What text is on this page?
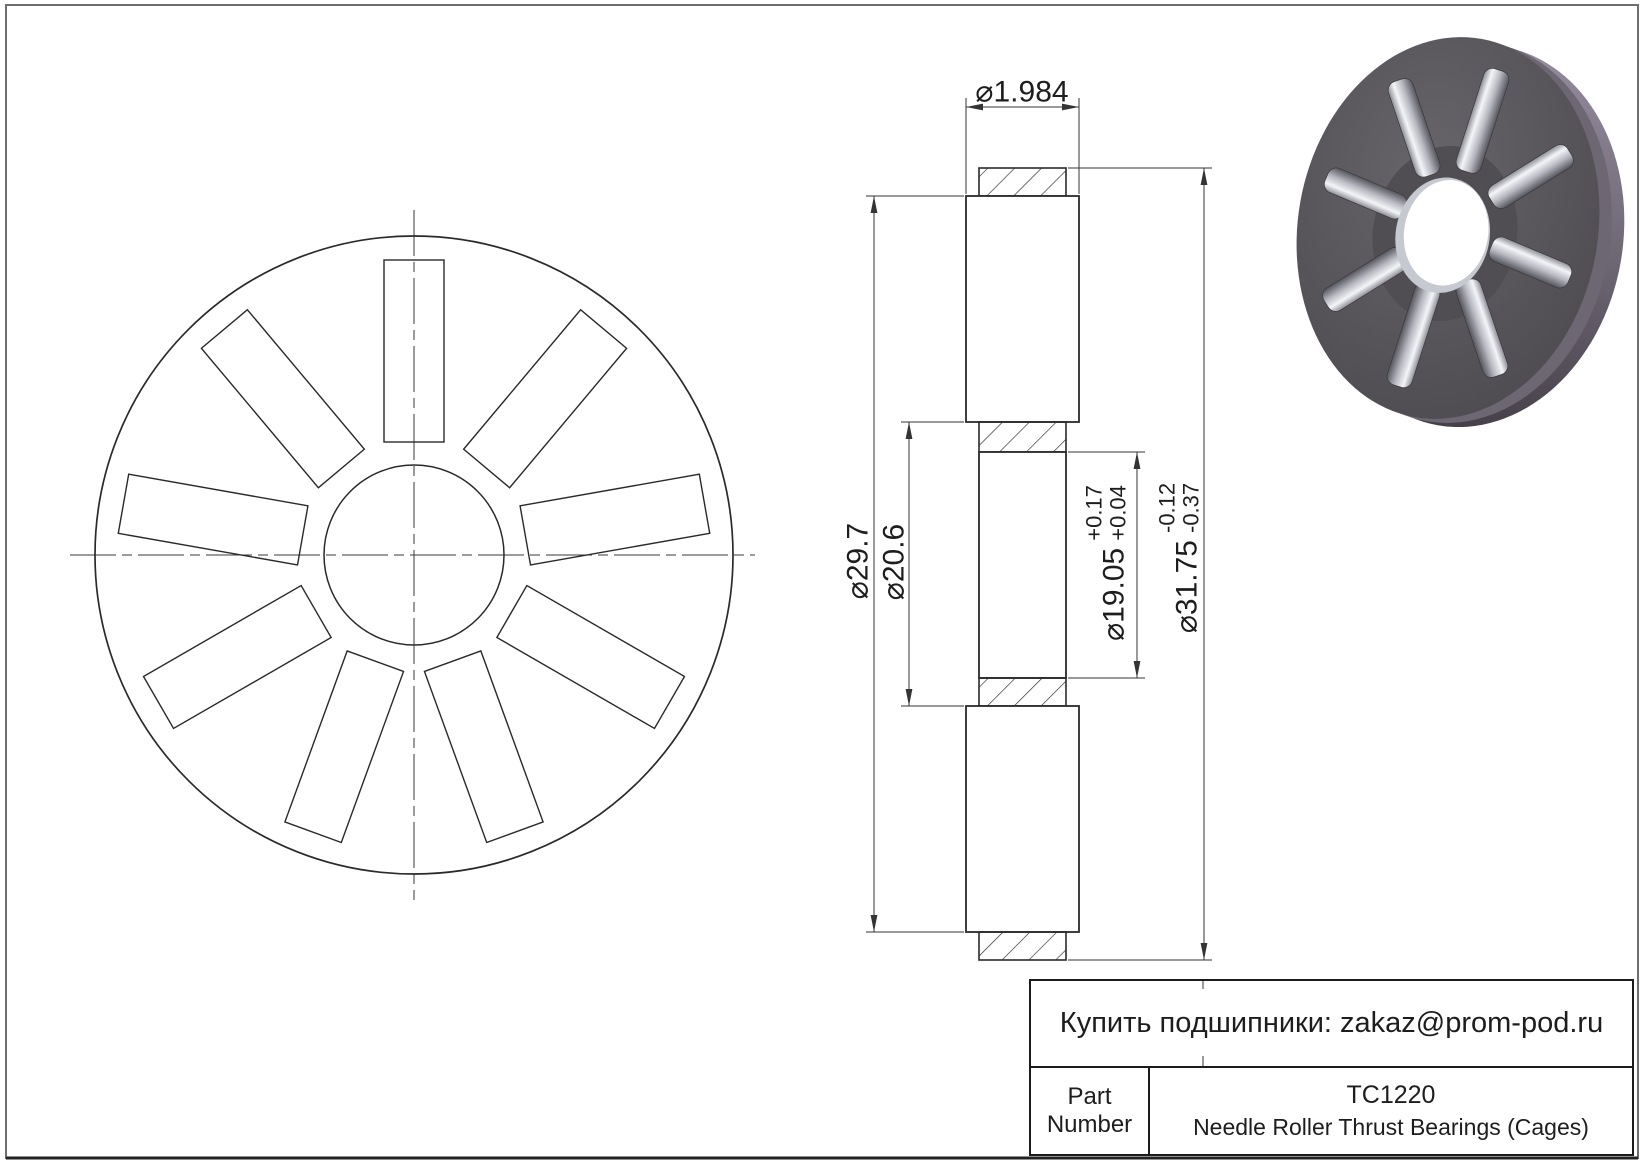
⌀1.984
⌀29.7 ⌀20.6	⌀19.05
+0.17
+0.04
⌀31.75
-0.12
-0.37
Купить подшипники: zakaz@prom-pod.ru
Part
Number
TC1220
Needle Roller Thrust Bearings (Cages)
